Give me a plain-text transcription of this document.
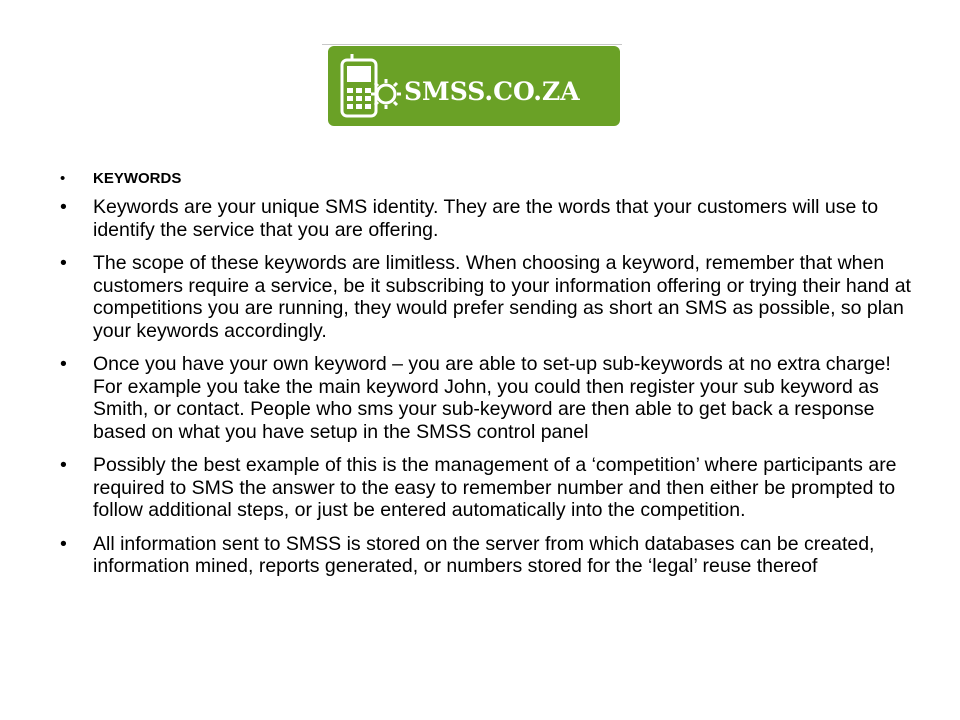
SMSS.CO.ZA
• KEYWORDS
• Keywords are your unique SMS identity. They are the words that your customers will use to identify the service that you are offering.
• The scope of these keywords are limitless. When choosing a keyword, remember that when customers require a service, be it subscribing to your information offering or trying their hand at competitions you are running, they would prefer sending as short an SMS as possible, so plan your keywords accordingly.
• Once you have your own keyword – you are able to set-up sub-keywords at no extra charge! For example you take the main keyword John, you could then register your sub keyword as Smith, or contact. People who sms your sub-keyword are then able to get back a response based on what you have setup in the SMSS control panel
• Possibly the best example of this is the management of a ‘competition’ where participants are required to SMS the answer to the easy to remember number and then either be prompted to follow additional steps, or just be entered automatically into the competition.
• All information sent to SMSS is stored on the server from which databases can be created, information mined, reports generated, or numbers stored for the ‘legal’ reuse thereof
